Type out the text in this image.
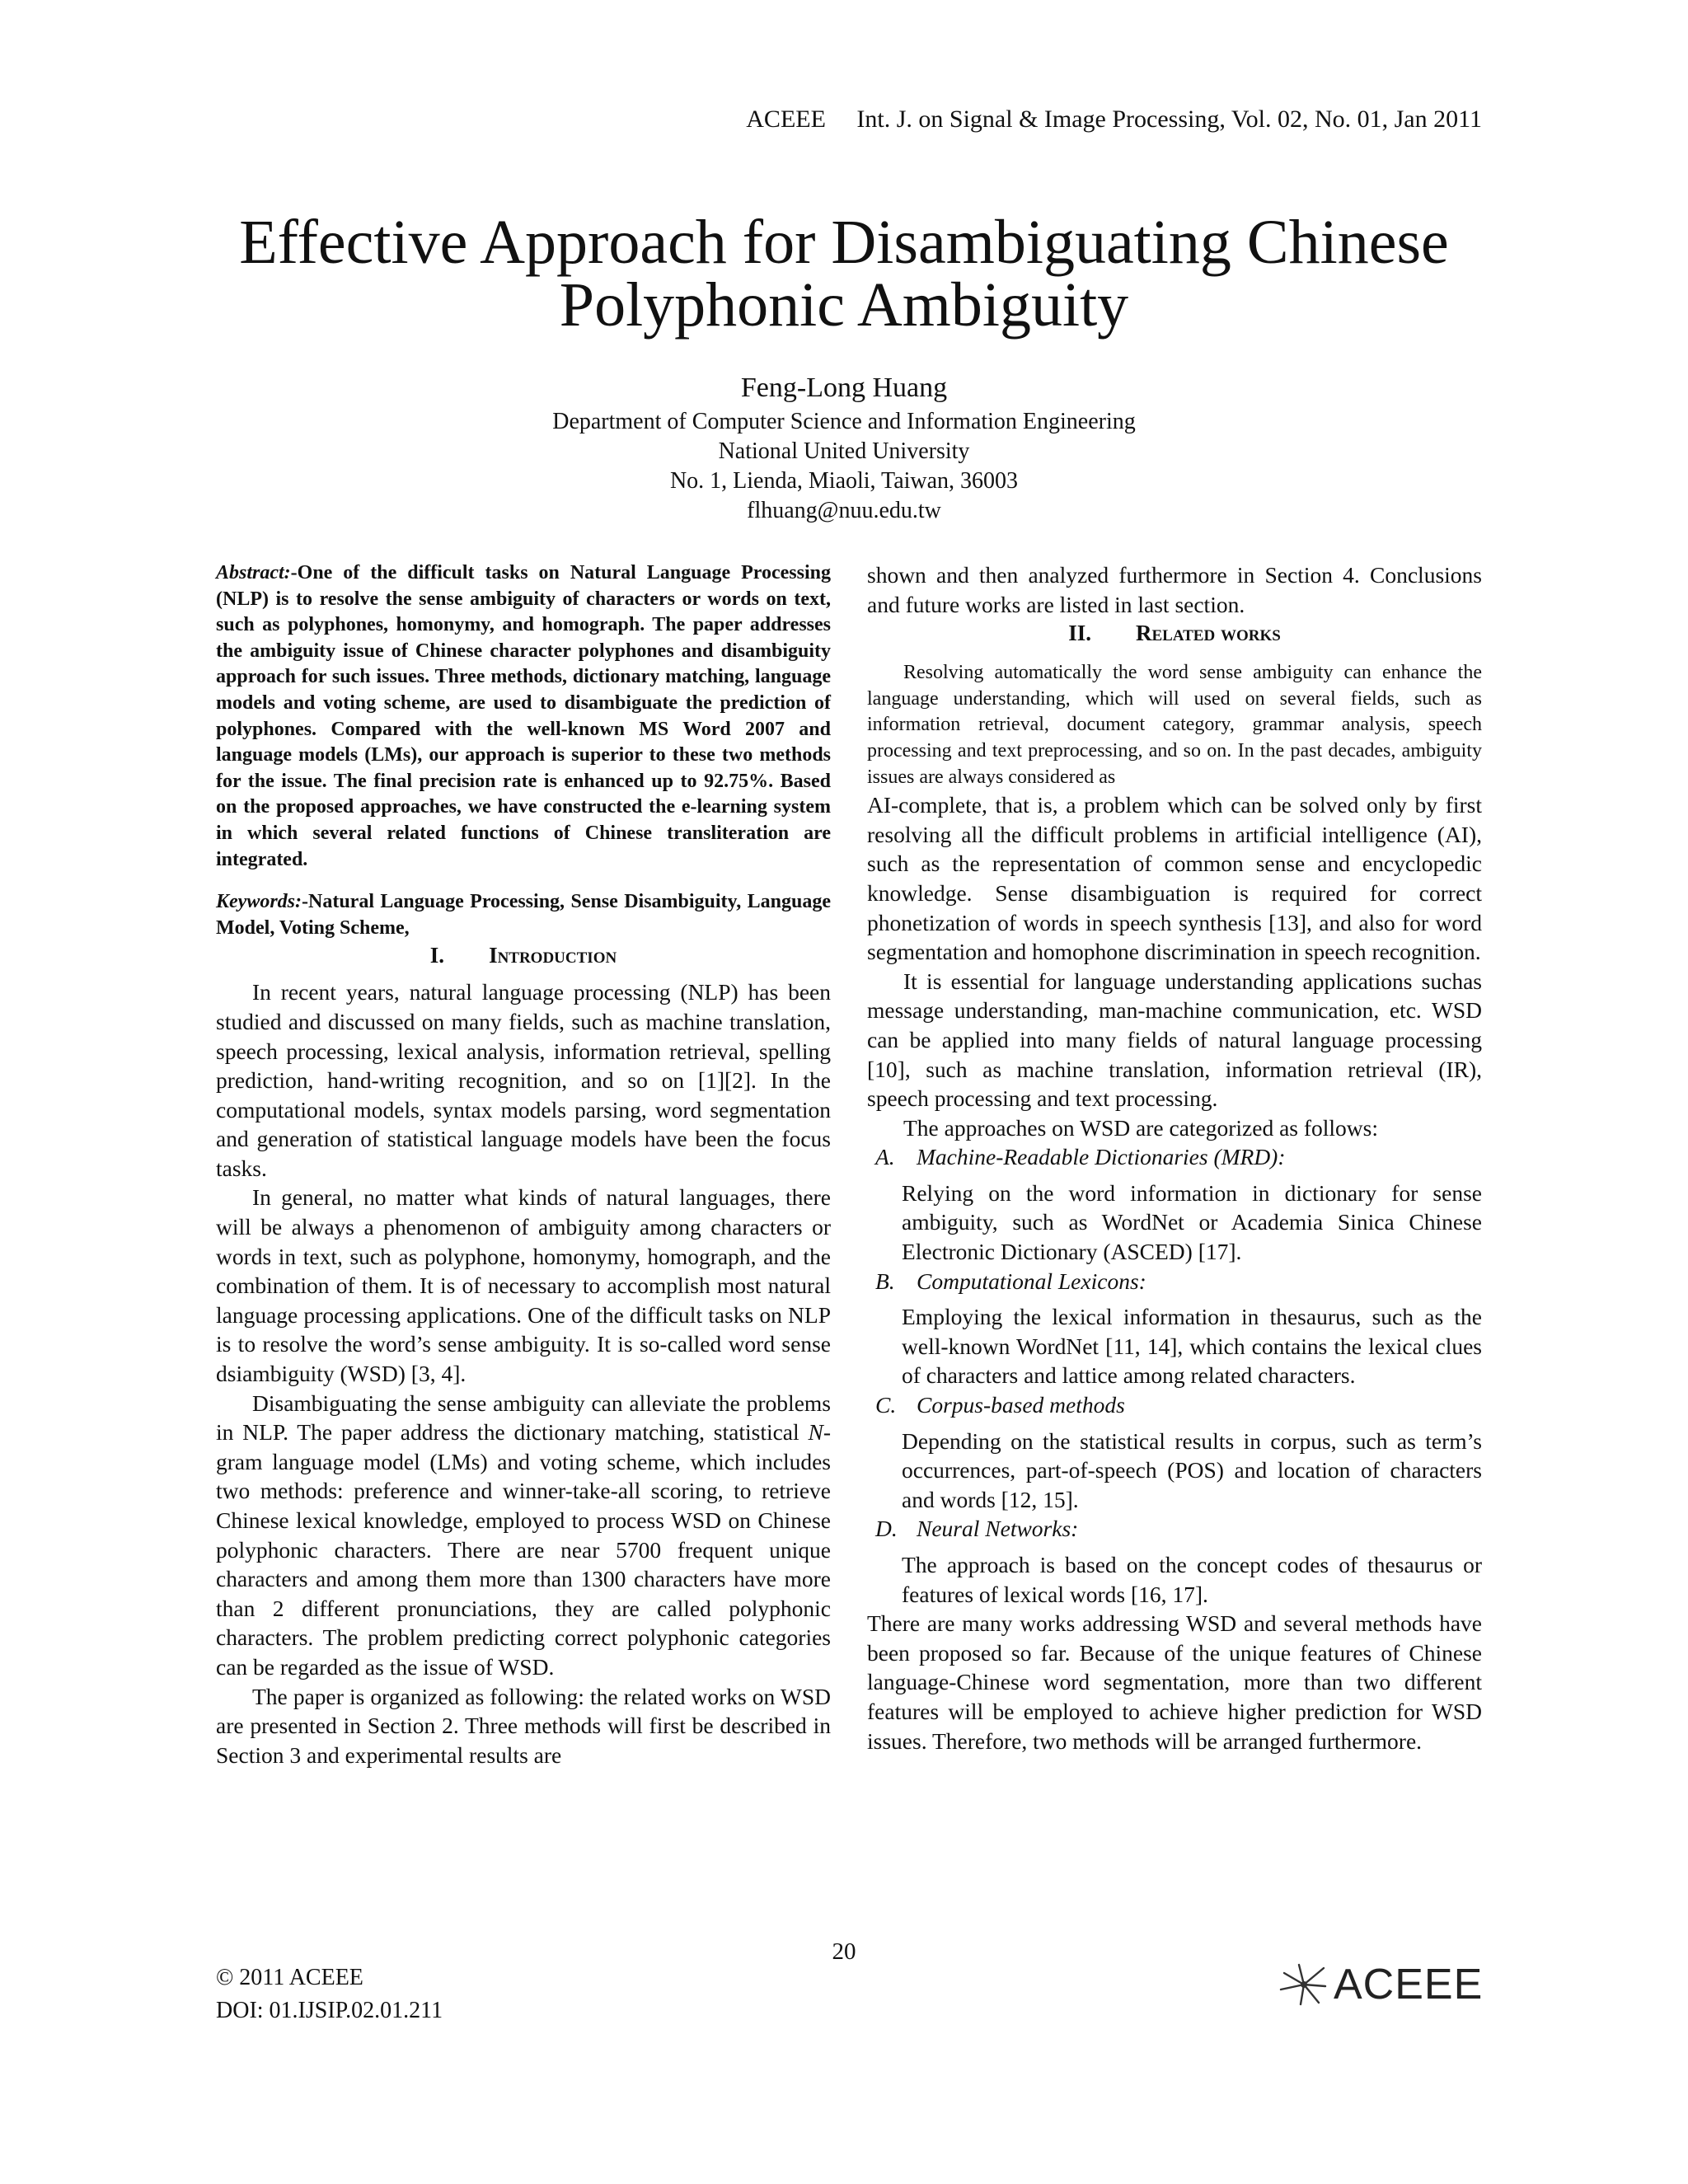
ACEEE  Int. J. on Signal & Image Processing, Vol. 02, No. 01, Jan 2011
Effective Approach for Disambiguating Chinese
Polyphonic Ambiguity
Feng-Long Huang
Department of Computer Science and Information Engineering
National United University
No. 1, Lienda, Miaoli, Taiwan, 36003
flhuang@nuu.edu.tw

Abstract:-One of the difficult tasks on Natural Language Processing (NLP) is to resolve the sense ambiguity of characters or words on text, such as polyphones, homonymy, and homograph. The paper addresses the ambiguity issue of Chinese character polyphones and disambiguity approach for such issues. Three methods, dictionary matching, language models and voting scheme, are used to disambiguate the prediction of polyphones. Compared with the well-known MS Word 2007 and language models (LMs), our approach is superior to these two methods for the issue. The final precision rate is enhanced up to 92.75%. Based on the proposed approaches, we have constructed the e-learning system in which several related functions of Chinese transliteration are integrated.

Keywords:-Natural Language Processing, Sense Disambiguity, Language Model, Voting Scheme,

I. Introduction

In recent years, natural language processing (NLP) has been studied and discussed on many fields, such as machine translation, speech processing, lexical analysis, information retrieval, spelling prediction, hand-writing recognition, and so on [1][2]. In the computational models, syntax models parsing, word segmentation and generation of statistical language models have been the focus tasks.

In general, no matter what kinds of natural languages, there will be always a phenomenon of ambiguity among characters or words in text, such as polyphone, homonymy, homograph, and the combination of them. It is of necessary to accomplish most natural language processing applications. One of the difficult tasks on NLP is to resolve the word’s sense ambiguity. It is so-called word sense dsiambiguity (WSD) [3, 4].

Disambiguating the sense ambiguity can alleviate the problems in NLP. The paper address the dictionary matching, statistical N-gram language model (LMs) and voting scheme, which includes two methods: preference and winner-take-all scoring, to retrieve Chinese lexical knowledge, employed to process WSD on Chinese polyphonic characters. There are near 5700 frequent unique characters and among them more than 1300 characters have more than 2 different pronunciations, they are called polyphonic characters. The problem predicting correct polyphonic categories can be regarded as the issue of WSD.

The paper is organized as following: the related works on WSD are presented in Section 2. Three methods will first be described in Section 3 and experimental results are

shown and then analyzed furthermore in Section 4. Conclusions and future works are listed in last section.

II. Related works

Resolving automatically the word sense ambiguity can enhance the language understanding, which will used on several fields, such as information retrieval, document category, grammar analysis, speech processing and text preprocessing, and so on. In the past decades, ambiguity issues are always considered as

AI-complete, that is, a problem which can be solved only by first resolving all the difficult problems in artificial intelligence (AI), such as the representation of common sense and encyclopedic knowledge. Sense disambiguation is required for correct phonetization of words in speech synthesis [13], and also for word segmentation and homophone discrimination in speech recognition.

It is essential for language understanding applications suchas message understanding, man-machine communication, etc. WSD can be applied into many fields of natural language processing [10], such as machine translation, information retrieval (IR), speech processing and text processing.

The approaches on WSD are categorized as follows:

A. Machine-Readable Dictionaries (MRD):

Relying on the word information in dictionary for sense ambiguity, such as WordNet or Academia Sinica Chinese Electronic Dictionary (ASCED) [17].

B. Computational Lexicons:

Employing the lexical information in thesaurus, such as the well-known WordNet [11, 14], which contains the lexical clues of characters and lattice among related characters.

C. Corpus-based methods

Depending on the statistical results in corpus, such as term’s occurrences, part-of-speech (POS) and location of characters and words [12, 15].

D. Neural Networks:

The approach is based on the concept codes of thesaurus or features of lexical words [16, 17].

There are many works addressing WSD and several methods have been proposed so far. Because of the unique features of Chinese language-Chinese word segmentation, more than two different features will be employed to achieve higher prediction for WSD issues. Therefore, two methods will be arranged furthermore.

20
© 2011 ACEEE
DOI: 01.IJSIP.02.01.211
ACEEE
